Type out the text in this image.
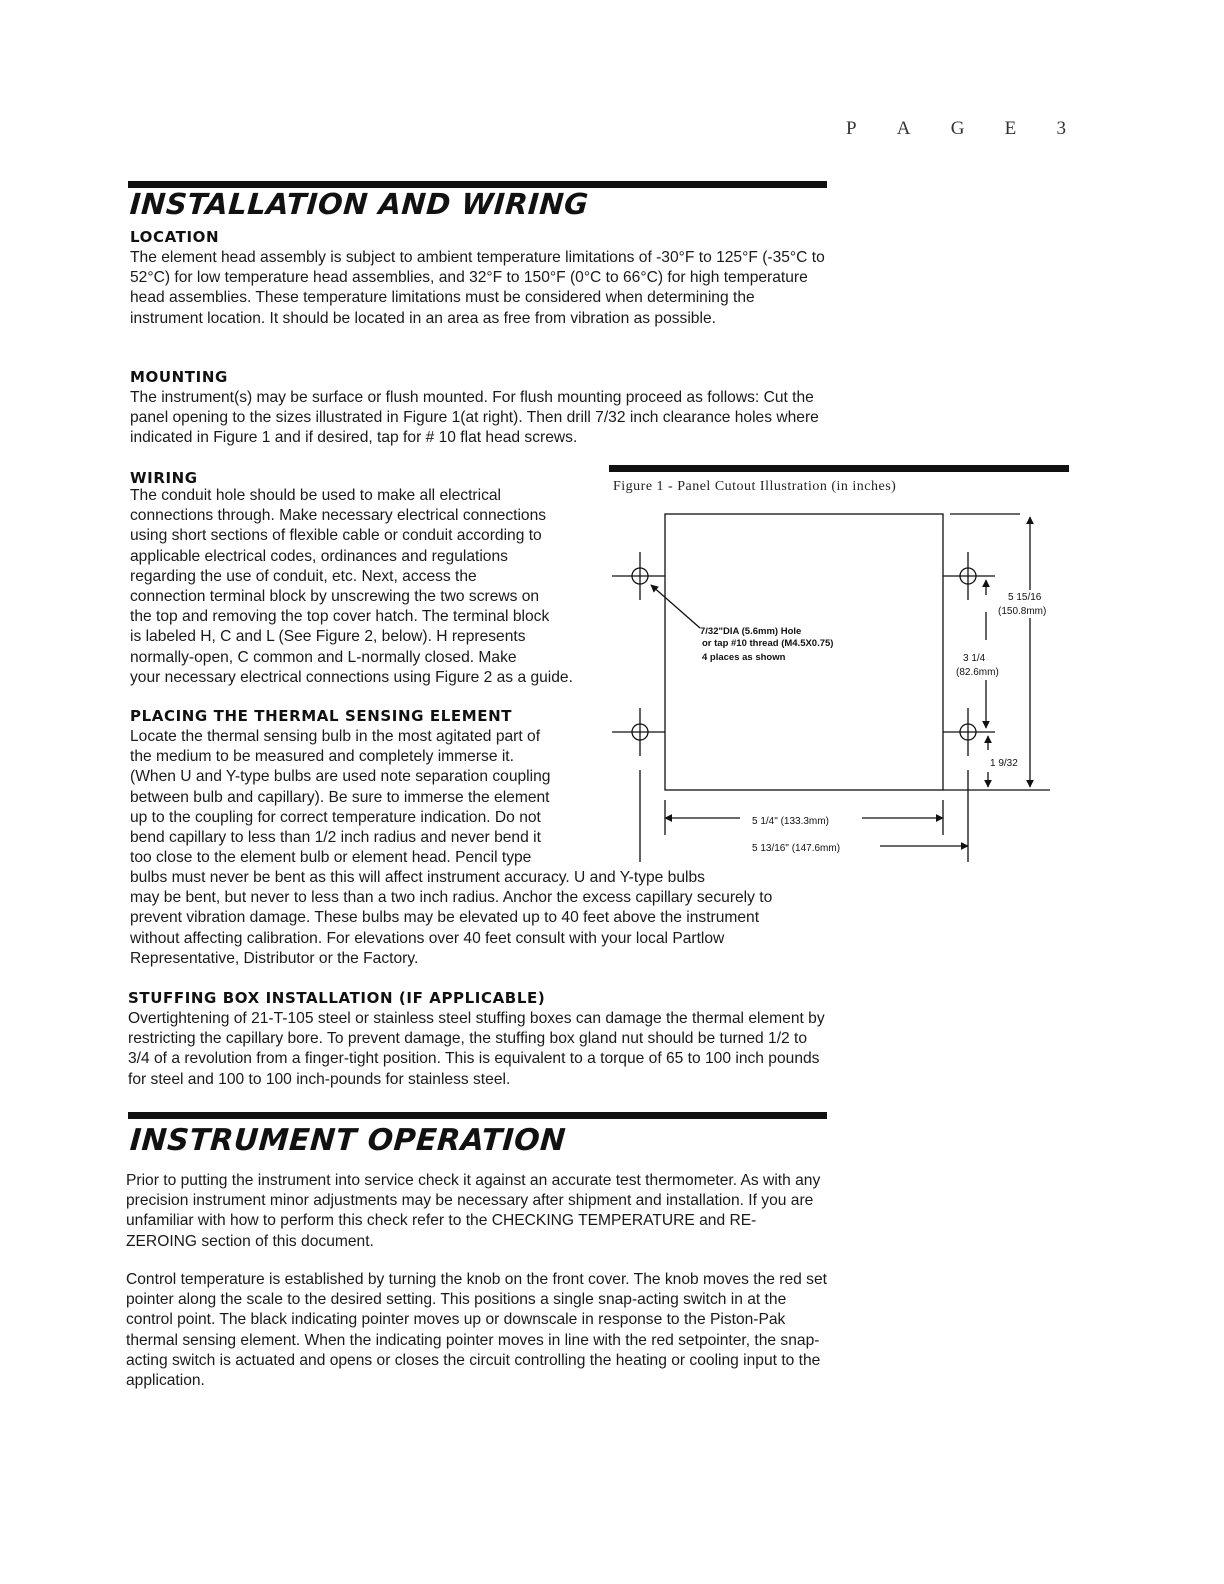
P A G E 3
INSTALLATION AND WIRING
LOCATION
The element head assembly is subject to ambient temperature limitations of -30°F to 125°F (-35°C to 52°C) for low temperature head assemblies, and 32°F to 150°F (0°C to 66°C) for high temperature head assemblies. These temperature limitations must be considered when determining the instrument location. It should be located in an area as free from vibration as possible.
MOUNTING
The instrument(s) may be surface or flush mounted. For flush mounting proceed as follows: Cut the panel opening to the sizes illustrated in Figure 1(at right). Then drill 7/32 inch clearance holes where indicated in Figure 1 and if desired, tap for # 10 flat head screws.
WIRING
The conduit hole should be used to make all electrical
connections through. Make necessary electrical connections
using short sections of flexible cable or conduit according to
applicable electrical codes, ordinances and regulations
regarding the use of conduit, etc. Next, access the
connection terminal block by unscrewing the two screws on
the top and removing the top cover hatch. The terminal block
is labeled H, C and L (See Figure 2, below). H represents
normally-open, C common and L-normally closed. Make
your necessary electrical connections using Figure 2 as a guide.
PLACING THE THERMAL SENSING ELEMENT
Locate the thermal sensing bulb in the most agitated part of
the medium to be measured and completely immerse it.
(When U and Y-type bulbs are used note separation coupling
between bulb and capillary). Be sure to immerse the element
up to the coupling for correct temperature indication. Do not
bend capillary to less than 1/2 inch radius and never bend it
too close to the element bulb or element head. Pencil type
bulbs must never be bent as this will affect instrument accuracy. U and Y-type bulbs
may be bent, but never to less than a two inch radius. Anchor the excess capillary securely to
prevent vibration damage. These bulbs may be elevated up to 40 feet above the instrument
without affecting calibration. For elevations over 40 feet consult with your local Partlow
Representative, Distributor or the Factory.
STUFFING BOX INSTALLATION (IF APPLICABLE)
Overtightening of 21-T-105 steel or stainless steel stuffing boxes can damage the thermal element by restricting the capillary bore. To prevent damage, the stuffing box gland nut should be turned 1/2 to 3/4 of a revolution from a finger-tight position. This is equivalent to a torque of 65 to 100 inch pounds for steel and 100 to 100 inch-pounds for stainless steel.
Figure 1 - Panel Cutout Illustration (in inches)
7/32"DIA (5.6mm) Hole
or tap #10 thread (M4.5X0.75)
4 places as shown
5 15/16
(150.8mm)
3 1/4
(82.6mm)
1 9/32
5 1/4" (133.3mm)
5 13/16" (147.6mm)
INSTRUMENT OPERATION
Prior to putting the instrument into service check it against an accurate test thermometer. As with any precision instrument minor adjustments may be necessary after shipment and installation. If you are unfamiliar with how to perform this check refer to the CHECKING TEMPERATURE and RE-ZEROING section of this document.
Control temperature is established by turning the knob on the front cover. The knob moves the red set pointer along the scale to the desired setting. This positions a single snap-acting switch in at the control point. The black indicating pointer moves up or downscale in response to the Piston-Pak thermal sensing element. When the indicating pointer moves in line with the red setpointer, the snap-acting switch is actuated and opens or closes the circuit controlling the heating or cooling input to the application.
